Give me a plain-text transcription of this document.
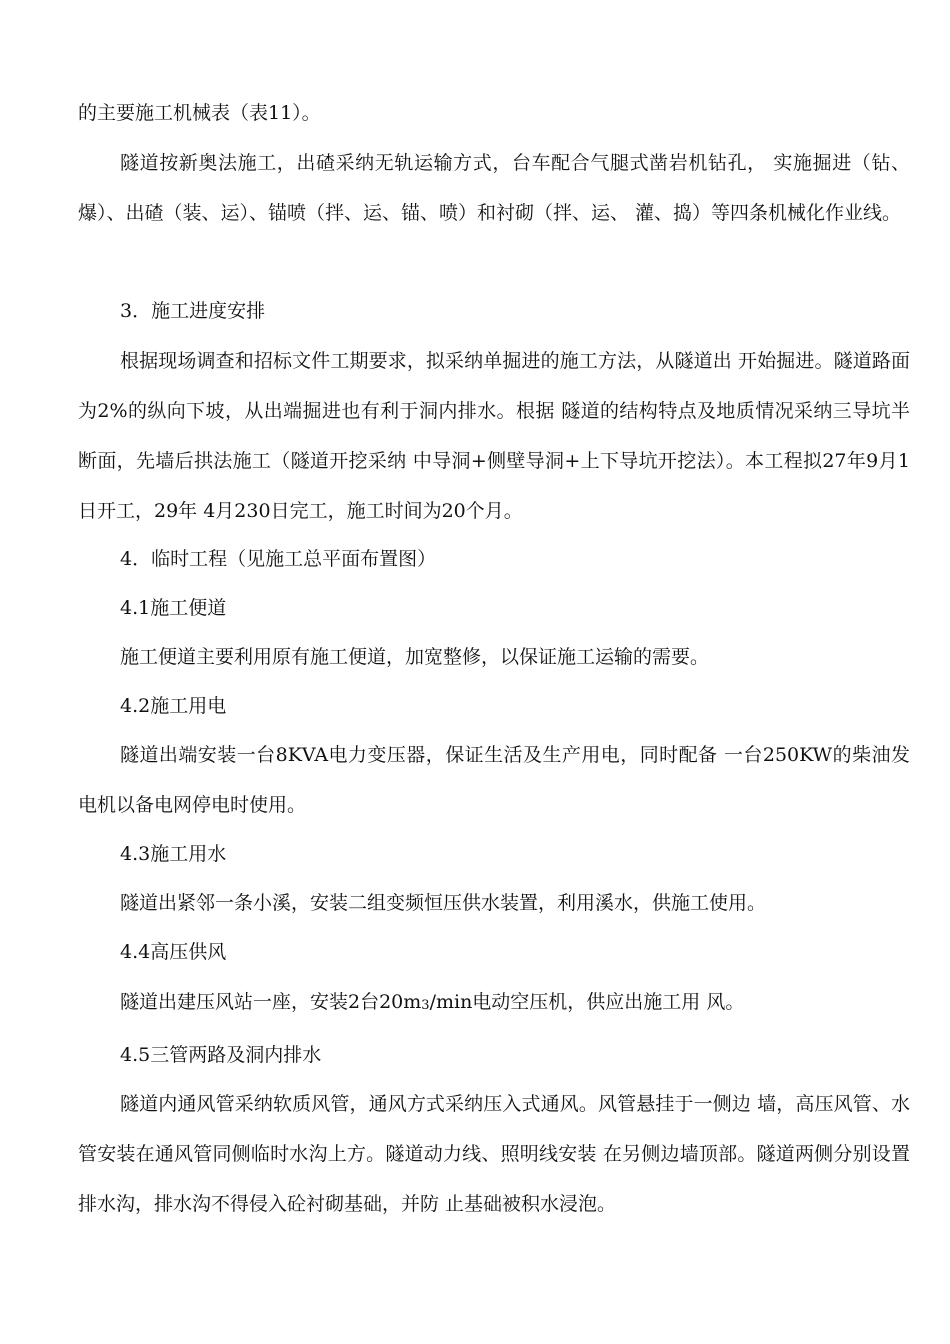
的主要施工机械表（表11）。

隧道按新奥法施工，出碴采纳无轨运输方式，台车配合气腿式凿岩机钻孔， 实施掘进（钻、爆）、出碴（装、运）、锚喷（拌、运、锚、喷）和衬砌（拌、运、 灌、捣）等四条机械化作业线。

3．施工进度安排

根据现场调查和招标文件工期要求，拟采纳单掘进的施工方法，从隧道出 开始掘进。隧道路面为2%的纵向下坡，从出端掘进也有利于洞内排水。根据 隧道的结构特点及地质情况采纳三导坑半断面，先墙后拱法施工（隧道开挖采纳 中导洞+侧壁导洞+上下导坑开挖法）。本工程拟27年9月1日开工，29年 4月230日完工，施工时间为20个月。

4．临时工程（见施工总平面布置图）

4.1施工便道

施工便道主要利用原有施工便道，加宽整修，以保证施工运输的需要。

4.2施工用电

隧道出端安装一台8KVA电力变压器，保证生活及生产用电，同时配备 一台250KW的柴油发电机以备电网停电时使用。

4.3施工用水

隧道出紧邻一条小溪，安装二组变频恒压供水装置，利用溪水，供施工使用。

4.4高压供风

隧道出建压风站一座，安装2台$20m_3/\min$电动空压机，供应出施工用 风。

4.5三管两路及洞内排水

隧道内通风管采纳软质风管，通风方式采纳压入式通风。风管悬挂于一侧边 墙，高压风管、水管安装在通风管同侧临时水沟上方。隧道动力线、照明线安装 在另侧边墙顶部。隧道两侧分别设置排水沟，排水沟不得侵入砼衬砌基础，并防 止基础被积水浸泡。
